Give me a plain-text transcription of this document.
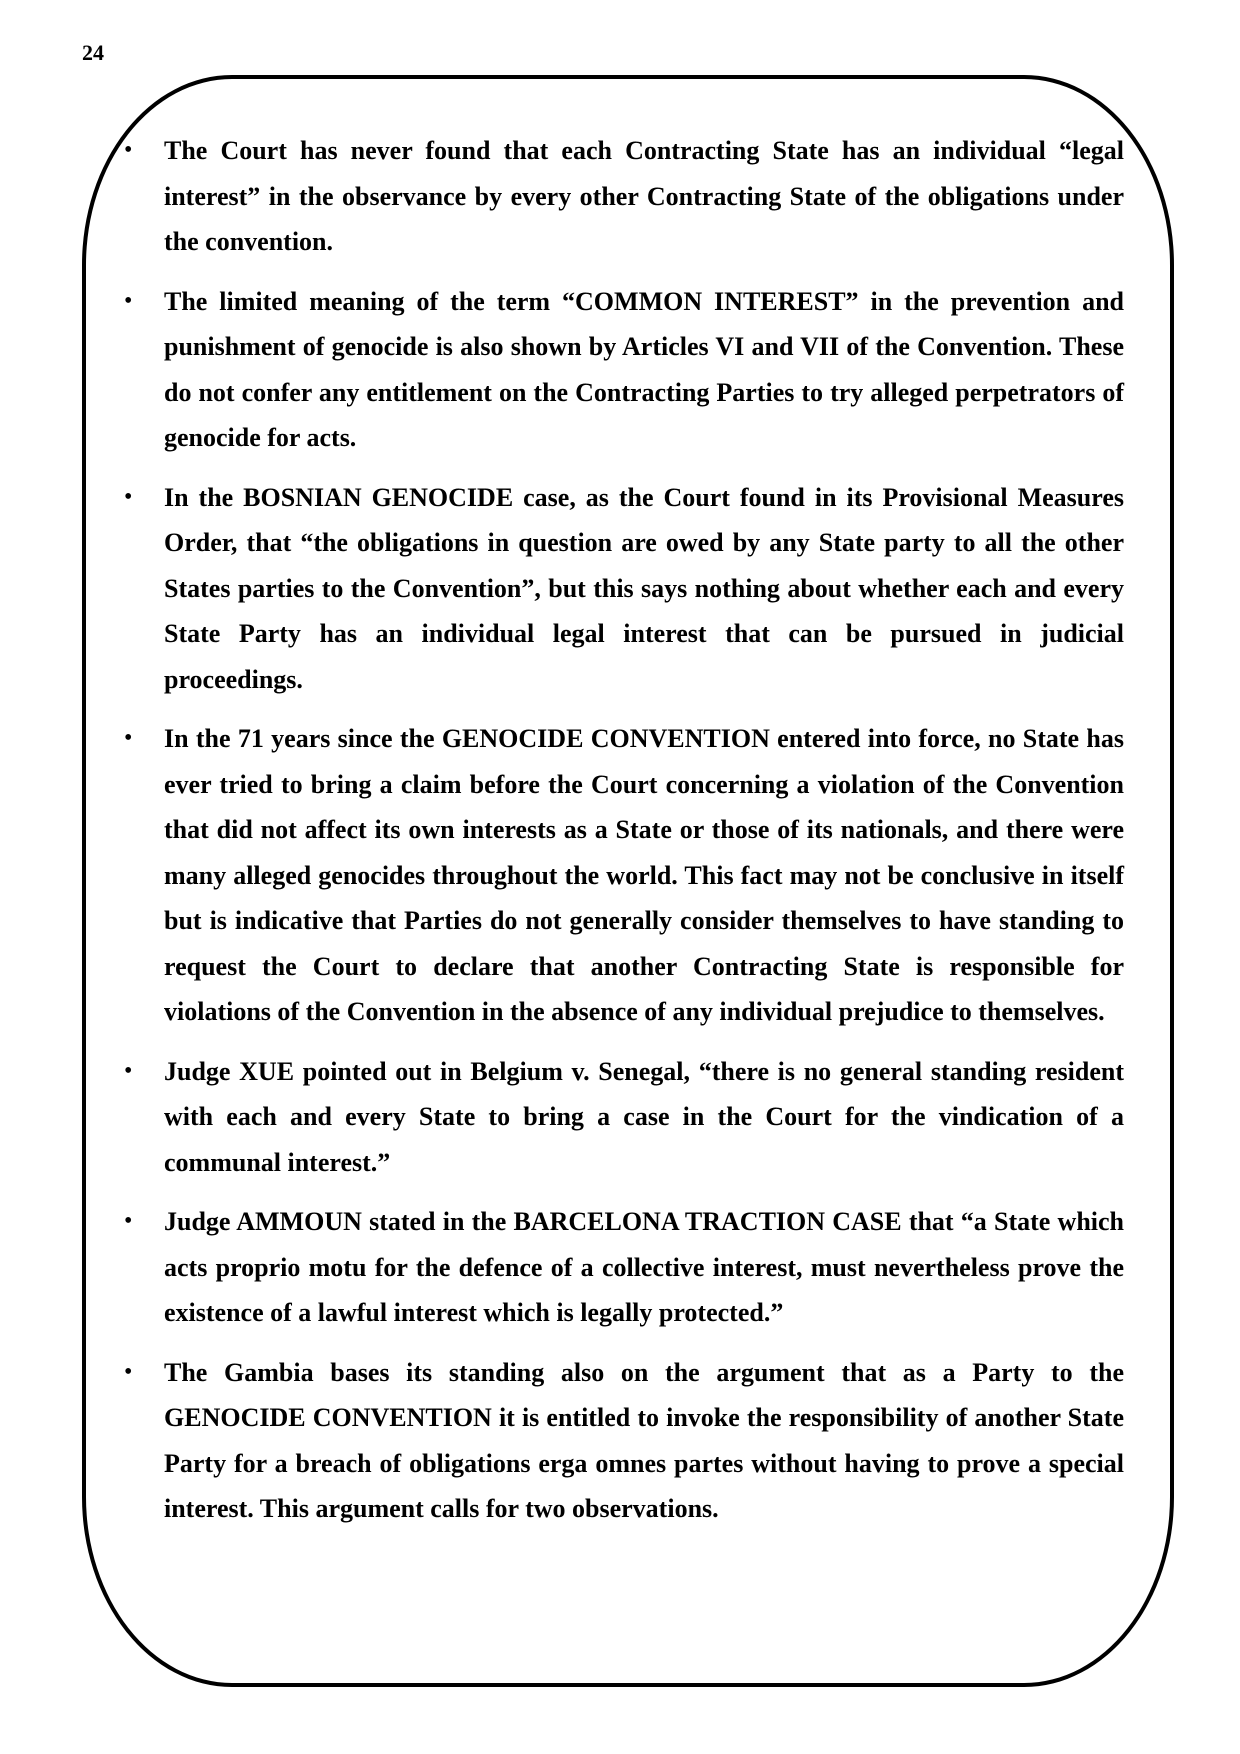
24
• The Court has never found that each Contracting State has an individual “legal interest” in the observance by every other Contracting State of the obligations under the convention.
• The limited meaning of the term “COMMON INTEREST” in the prevention and punishment of genocide is also shown by Articles VI and VII of the Convention. These do not confer any entitlement on the Contracting Parties to try alleged perpetrators of genocide for acts.
• In the BOSNIAN GENOCIDE case, as the Court found in its Provisional Measures Order, that “the obligations in question are owed by any State party to all the other States parties to the Convention”, but this says nothing about whether each and every State Party has an individual legal interest that can be pursued in judicial proceedings.
• In the 71 years since the GENOCIDE CONVENTION entered into force, no State has ever tried to bring a claim before the Court concerning a violation of the Convention that did not affect its own interests as a State or those of its nationals, and there were many alleged genocides throughout the world. This fact may not be conclusive in itself but is indicative that Parties do not generally consider themselves to have standing to request the Court to declare that another Contracting State is responsible for violations of the Convention in the absence of any individual prejudice to themselves.
• Judge XUE pointed out in Belgium v. Senegal, “there is no general standing resident with each and every State to bring a case in the Court for the vindication of a communal interest.”
• Judge AMMOUN stated in the BARCELONA TRACTION CASE that “a State which acts proprio motu for the defence of a collective interest, must nevertheless prove the existence of a lawful interest which is legally protected.”
• The Gambia bases its standing also on the argument that as a Party to the GENOCIDE CONVENTION it is entitled to invoke the responsibility of another State Party for a breach of obligations erga omnes partes without having to prove a special interest. This argument calls for two observations.
